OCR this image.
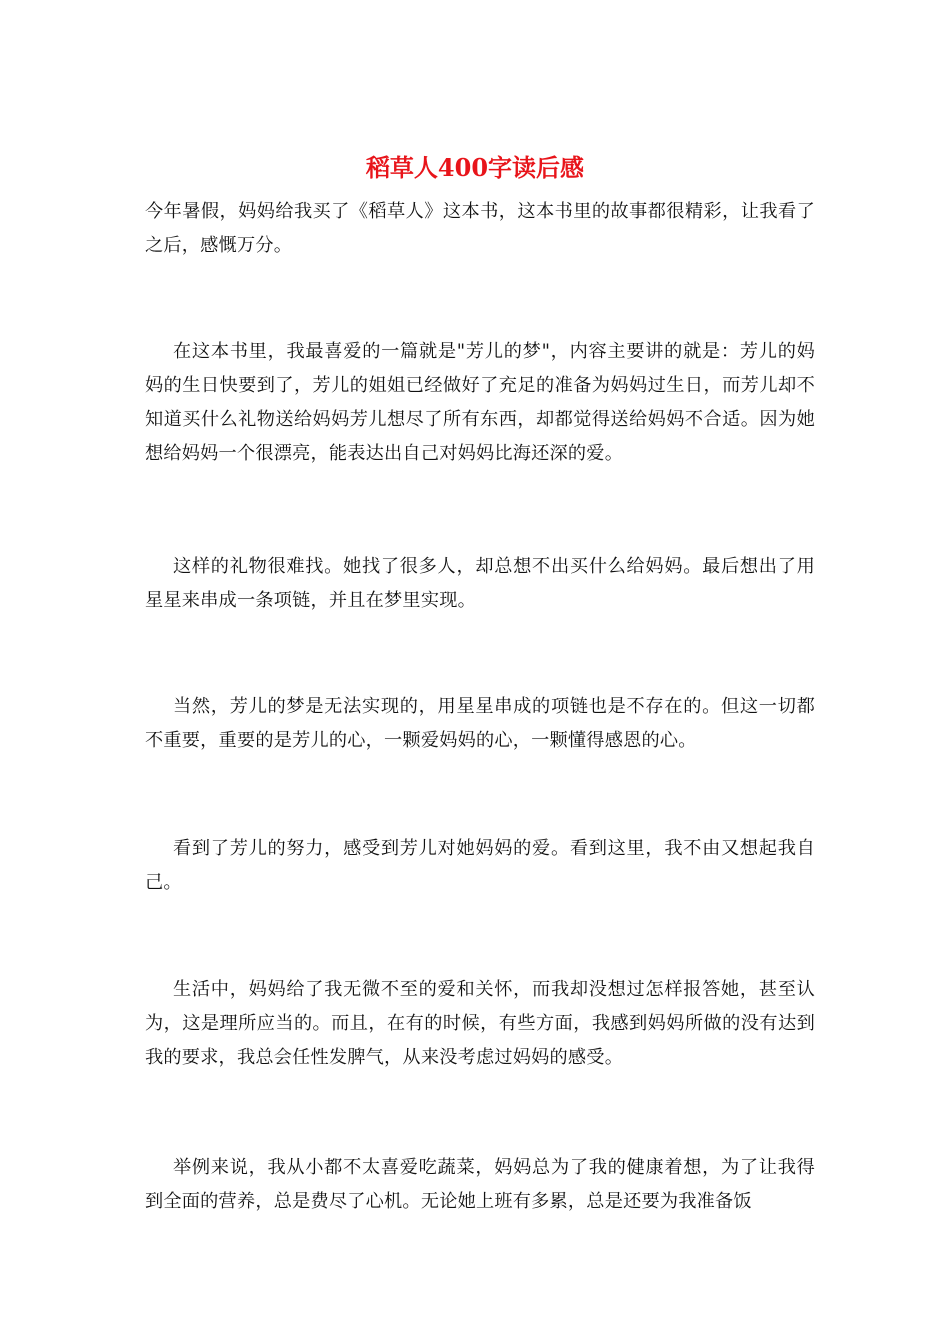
稻草人400字读后感

今年暑假，妈妈给我买了《稻草人》这本书，这本书里的故事都很精彩，让我看了之后，感慨万分。

在这本书里，我最喜爱的一篇就是"芳儿的梦"，内容主要讲的就是：芳儿的妈妈的生日快要到了，芳儿的姐姐已经做好了充足的准备为妈妈过生日，而芳儿却不知道买什么礼物送给妈妈芳儿想尽了所有东西，却都觉得送给妈妈不合适。因为她想给妈妈一个很漂亮，能表达出自己对妈妈比海还深的爱。

这样的礼物很难找。她找了很多人，却总想不出买什么给妈妈。最后想出了用星星来串成一条项链，并且在梦里实现。

当然，芳儿的梦是无法实现的，用星星串成的项链也是不存在的。但这一切都不重要，重要的是芳儿的心，一颗爱妈妈的心，一颗懂得感恩的心。

看到了芳儿的努力，感受到芳儿对她妈妈的爱。看到这里，我不由又想起我自己。

生活中，妈妈给了我无微不至的爱和关怀，而我却没想过怎样报答她，甚至认为，这是理所应当的。而且，在有的时候，有些方面，我感到妈妈所做的没有达到我的要求，我总会任性发脾气，从来没考虑过妈妈的感受。

举例来说，我从小都不太喜爱吃蔬菜，妈妈总为了我的健康着想，为了让我得到全面的营养，总是费尽了心机。无论她上班有多累，总是还要为我准备饭
